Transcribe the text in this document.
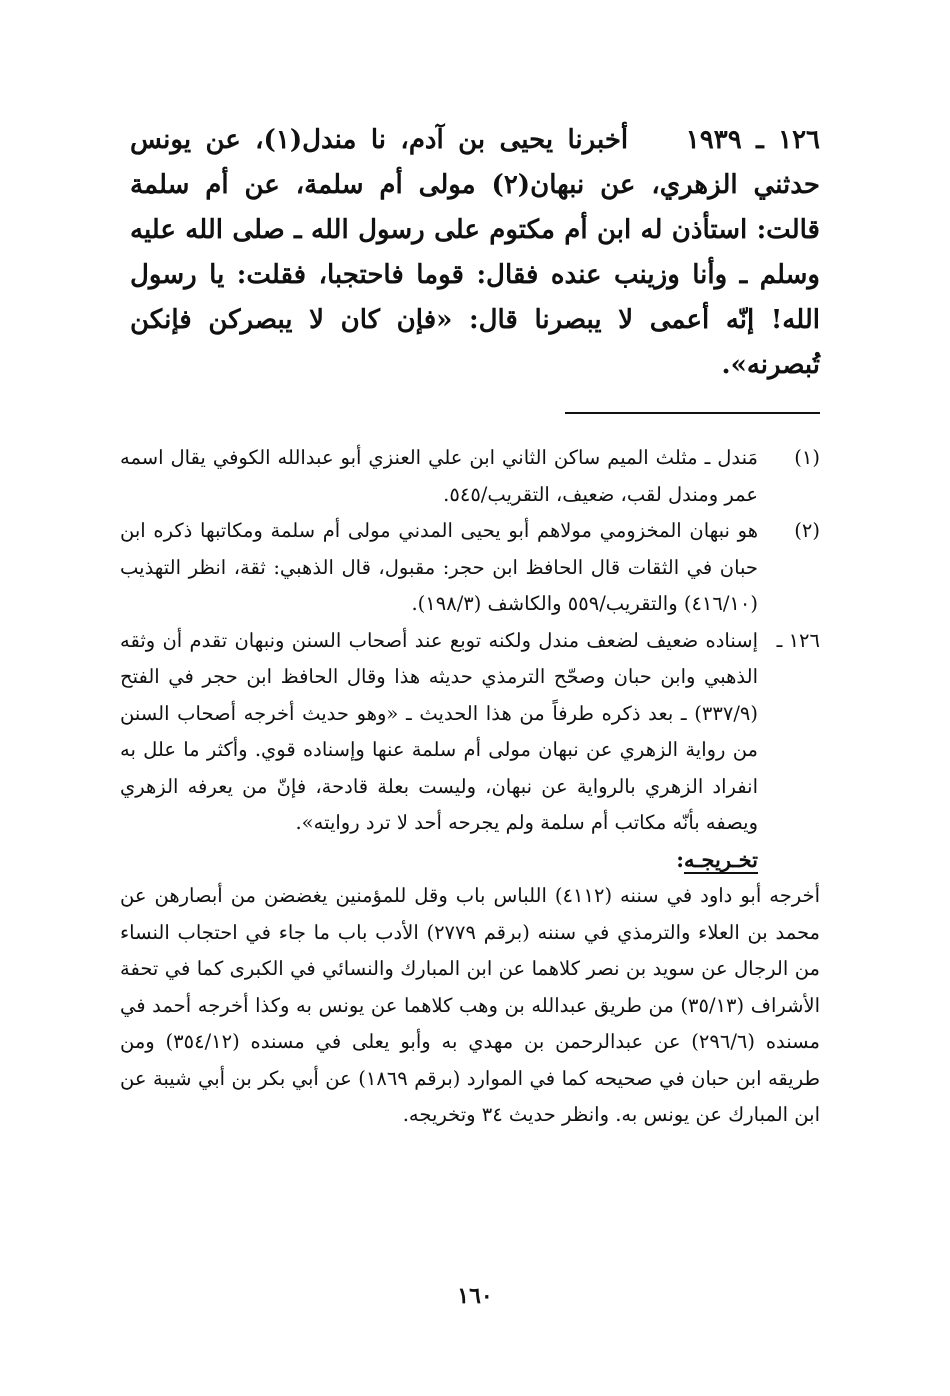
١٢٦ ـ ١٩٣٩    أخبرنا يحيى بن آدم، نا مندل(١)، عن يونس حدثني الزهري، عن نبهان(٢) مولى أم سلمة، عن أم سلمة قالت: استأذن له ابن أم مكتوم على رسول الله ـ صلى الله عليه وسلم ـ وأنا وزينب عنده فقال: قوما فاحتجبا، فقلت: يا رسول الله! إنّه أعمى لا يبصرنا قال: «فإن كان لا يبصركن فإنكن تُبصرنه».
(١)
مَندل ـ مثلث الميم ساكن الثاني ابن علي العنزي أبو عبدالله الكوفي يقال اسمه عمر ومندل لقب، ضعيف، التقريب/٥٤٥.
(٢)
هو نبهان المخزومي مولاهم أبو يحيى المدني مولى أم سلمة ومكاتبها ذكره ابن حبان في الثقات قال الحافظ ابن حجر: مقبول، قال الذهبي: ثقة، انظر التهذيب (٤١٦/١٠) والتقريب/٥٥٩ والكاشف (١٩٨/٣).
١٢٦ ـ
إسناده ضعيف لضعف مندل ولكنه توبع عند أصحاب السنن ونبهان تقدم أن وثقه الذهبي وابن حبان وصحّح الترمذي حديثه هذا وقال الحافظ ابن حجر في الفتح (٣٣٧/٩) ـ بعد ذكره طرفاً من هذا الحديث ـ «وهو حديث أخرجه أصحاب السنن من رواية الزهري عن نبهان مولى أم سلمة عنها وإسناده قوي. وأكثر ما علل به انفراد الزهري بالرواية عن نبهان، وليست بعلة قادحة، فإنّ من يعرفه الزهري ويصفه بأنّه مكاتب أم سلمة ولم يجرحه أحد لا ترد روايته».
تخـريجـه:
أخرجه أبو داود في سننه (٤١١٢) اللباس باب وقل للمؤمنين يغضضن من أبصارهن عن محمد بن العلاء والترمذي في سننه (برقم ٢٧٧٩) الأدب باب ما جاء في احتجاب النساء من الرجال عن سويد بن نصر كلاهما عن ابن المبارك والنسائي في الكبرى كما في تحفة الأشراف (٣٥/١٣) من طريق عبدالله بن وهب كلاهما عن يونس به وكذا أخرجه أحمد في مسنده (٢٩٦/٦) عن عبدالرحمن بن مهدي به وأبو يعلى في مسنده (٣٥٤/١٢) ومن طريقه ابن حبان في صحيحه كما في الموارد (برقم ١٨٦٩) عن أبي بكر بن أبي شيبة عن ابن المبارك عن يونس به. وانظر حديث ٣٤ وتخريجه.
١٦٠
